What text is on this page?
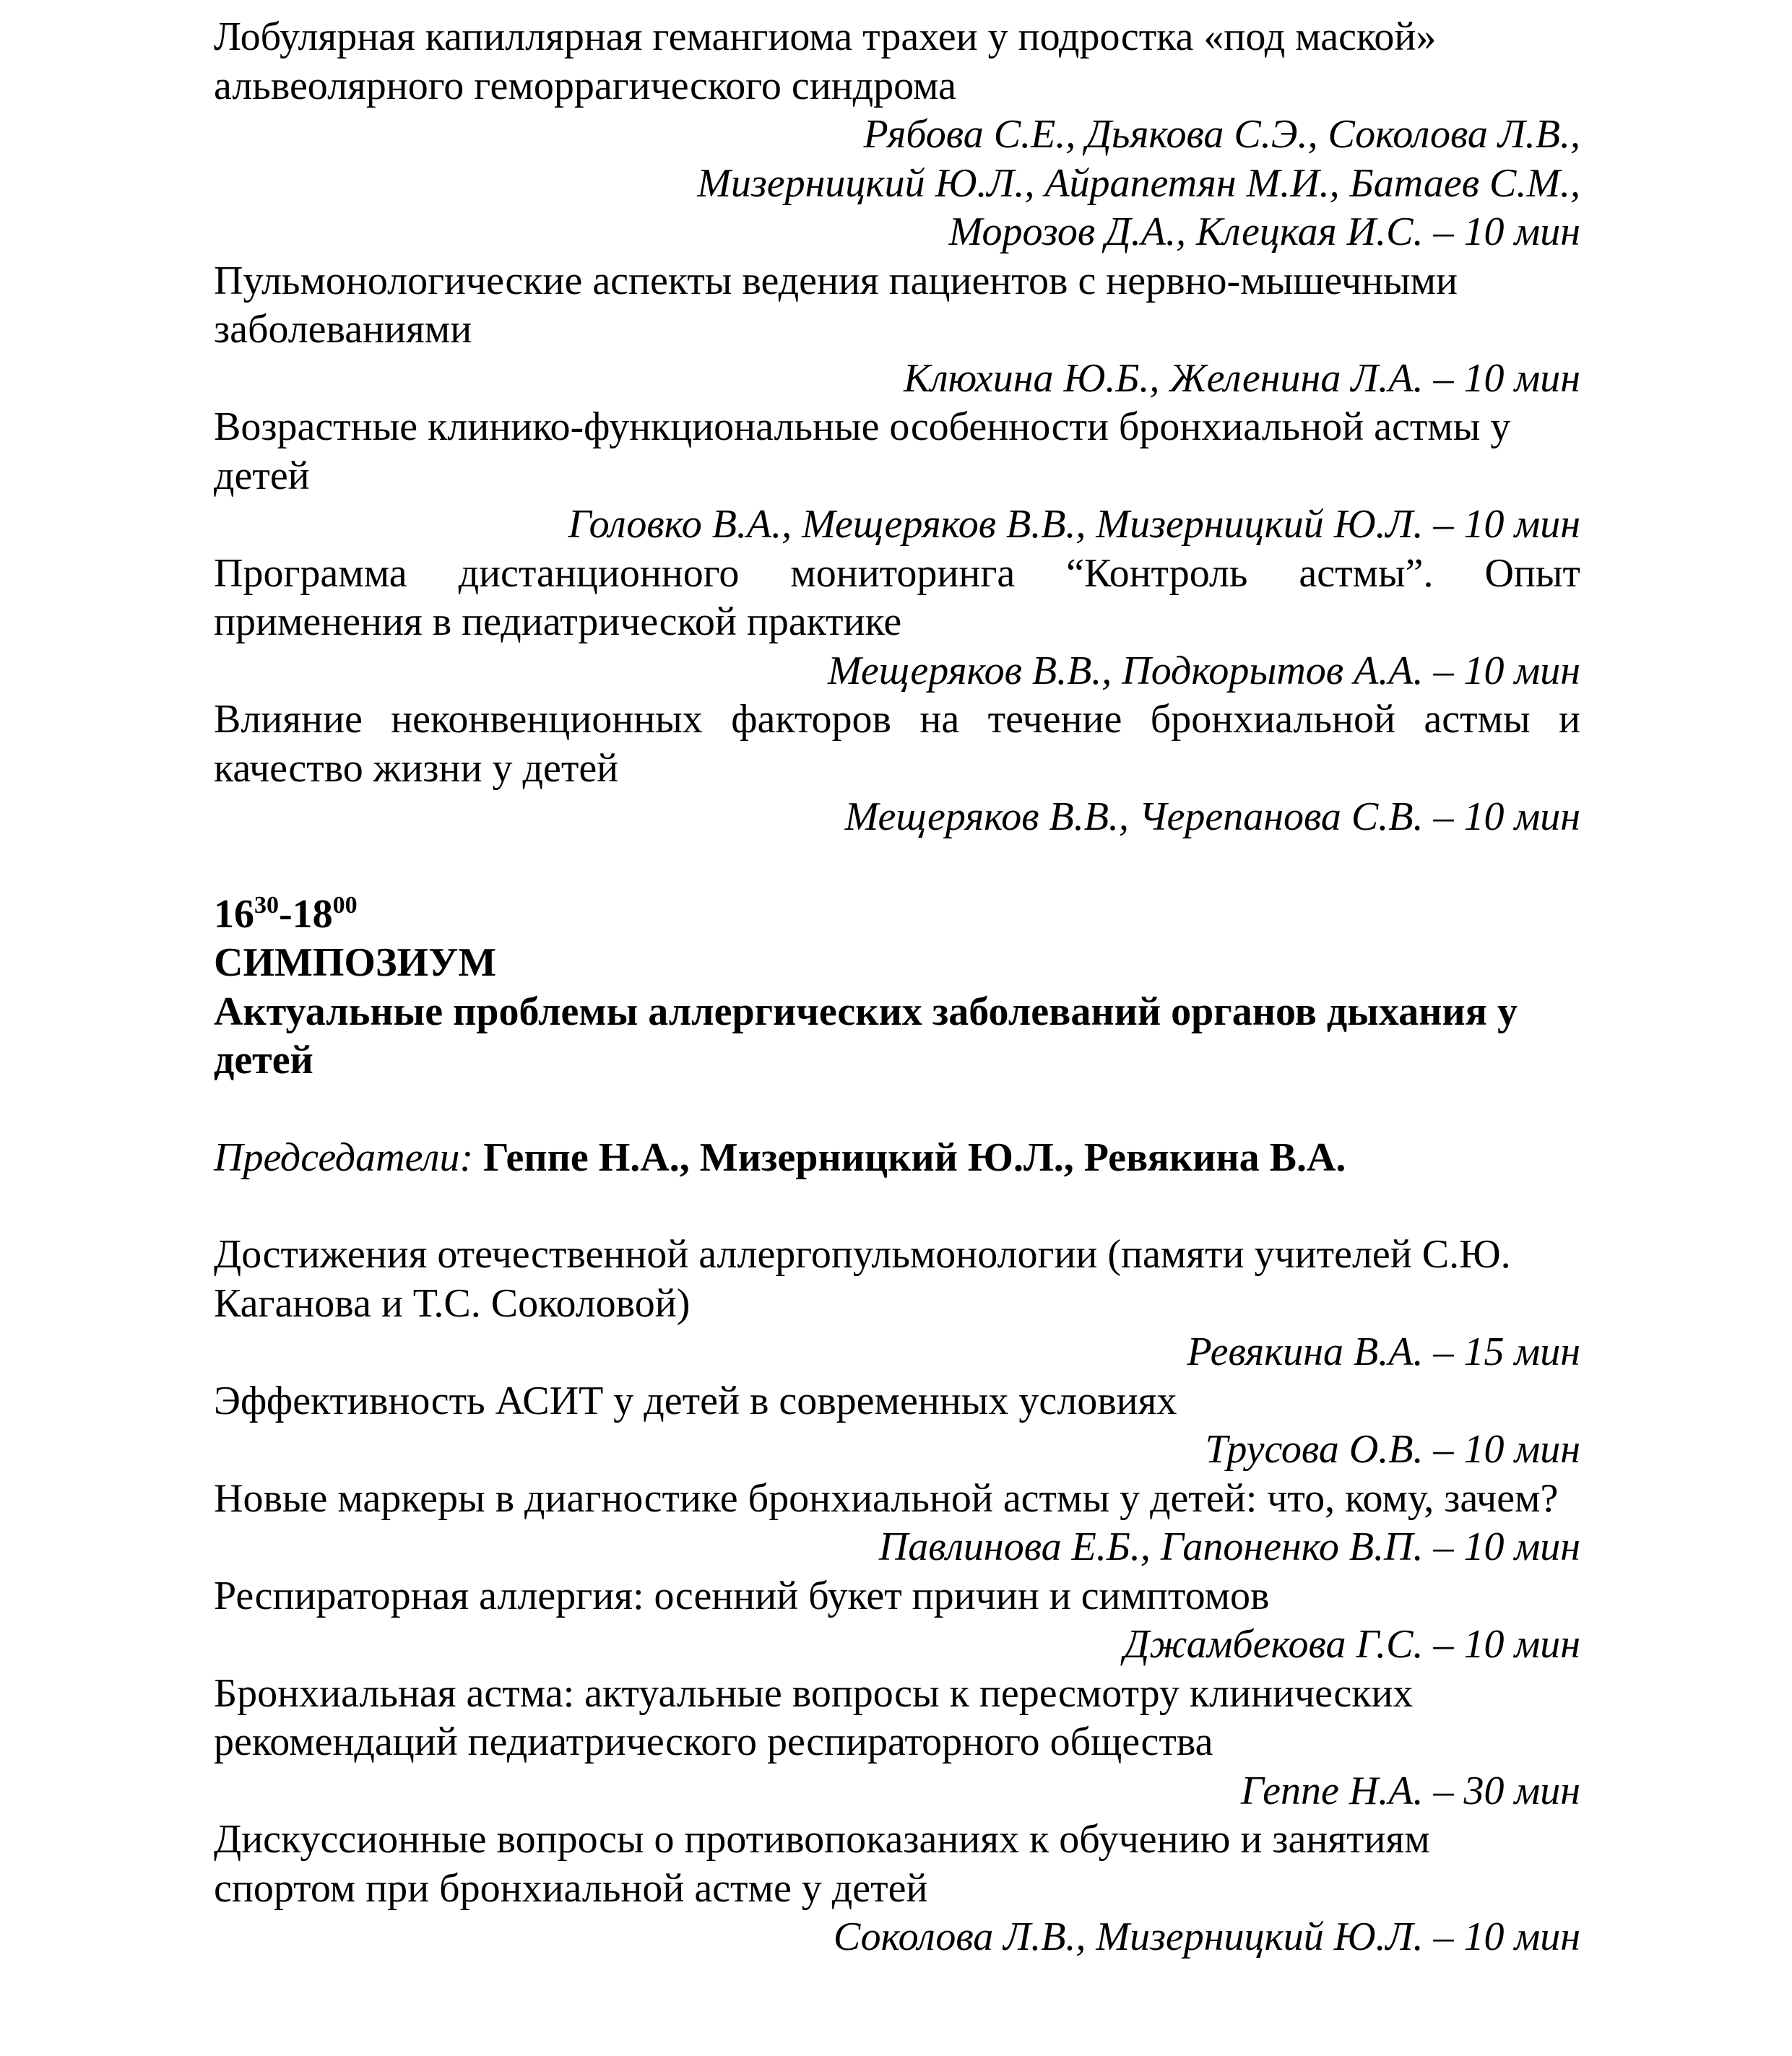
Лобулярная капиллярная гемангиома трахеи у подростка «под маской» альвеолярного геморрагического синдрома

Рябова С.Е., Дьякова С.Э., Соколова Л.В.,
Мизерницкий Ю.Л., Айрапетян М.И., Батаев С.М.,
Морозов Д.А., Клецкая И.С. – 10 мин

Пульмонологические аспекты ведения пациентов с нервно-мышечными заболеваниями

Клюхина Ю.Б., Желенина Л.А. – 10 мин

Возрастные клинико-функциональные особенности бронхиальной астмы у детей

Головко В.А., Мещеряков В.В., Мизерницкий Ю.Л. – 10 мин

Программа дистанционного мониторинга “Контроль астмы”. Опыт применения в педиатрической практике

Мещеряков В.В., Подкорытов А.А. – 10 мин

Влияние неконвенционных факторов на течение бронхиальной астмы и качество жизни у детей

Мещеряков В.В., Черепанова С.В. – 10 мин

$16^{30}-18^{00}$
СИМПОЗИУМ

Актуальные проблемы аллергических заболеваний органов дыхания у детей

Председатели: Геппе Н.А., Мизерницкий Ю.Л., Ревякина В.А.

Достижения отечественной аллергопульмонологии (памяти учителей С.Ю. Каганова и Т.С. Соколовой)

Ревякина В.А. – 15 мин

Эффективность АСИТ у детей в современных условиях

Трусова О.В. – 10 мин

Новые маркеры в диагностике бронхиальной астмы у детей: что, кому, зачем?

Павлинова Е.Б., Гапоненко В.П. – 10 мин

Респираторная аллергия: осенний букет причин и симптомов

Джамбекова Г.С. – 10 мин

Бронхиальная астма: актуальные вопросы к пересмотру клинических рекомендаций педиатрического респираторного общества

Геппе Н.А. – 30 мин

Дискуссионные вопросы о противопоказаниях к обучению и занятиям спортом при бронхиальной астме у детей

Соколова Л.В., Мизерницкий Ю.Л. – 10 мин
